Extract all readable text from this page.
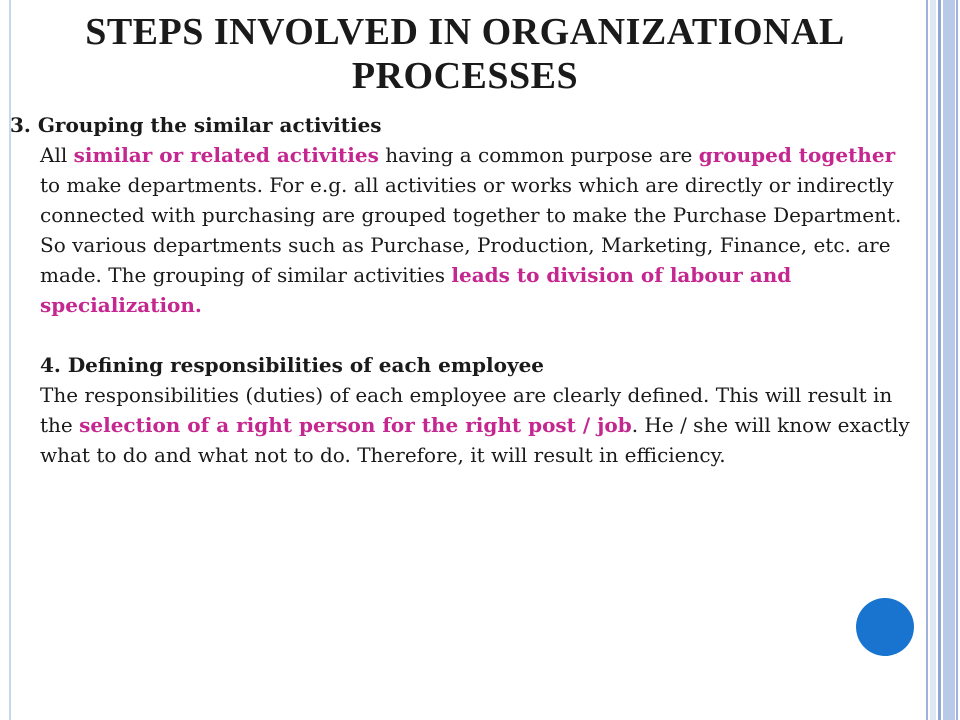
STEPS INVOLVED IN ORGANIZATIONAL PROCESSES

3. Grouping the similar activities

All similar or related activities having a common purpose are grouped together to make departments. For e.g. all activities or works which are directly or indirectly connected with purchasing are grouped together to make the Purchase Department. So various departments such as Purchase, Production, Marketing, Finance, etc. are made. The grouping of similar activities leads to division of labour and specialization.

4. Defining responsibilities of each employee

The responsibilities (duties) of each employee are clearly defined. This will result in the selection of a right person for the right post / job. He / she will know exactly what to do and what not to do. Therefore, it will result in efficiency.
